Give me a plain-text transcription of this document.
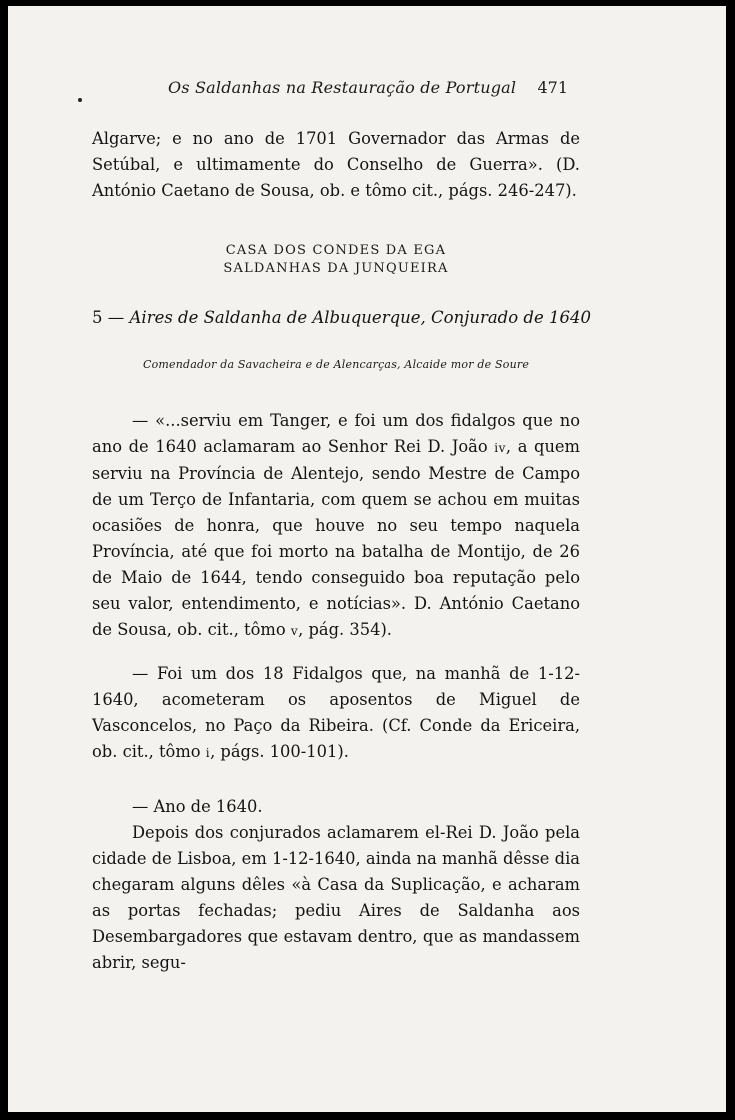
Os Saldanhas na Restauração de Portugal 471

Algarve; e no ano de 1701 Governador das Armas de Setúbal, e ultimamente do Conselho de Guerra». (D. António Caetano de Sousa, ob. e tômo cit., págs. 246-247).

CASA DOS CONDES DA EGA
SALDANHAS DA JUNQUEIRA
5 — Aires de Saldanha de Albuquerque, Conjurado de 1640
Comendador da Savacheira e de Alencarças, Alcaide mor de Soure

— «...serviu em Tanger, e foi um dos fidalgos que no ano de 1640 aclamaram ao Senhor Rei D. João iv, a quem serviu na Província de Alentejo, sendo Mestre de Campo de um Terço de Infantaria, com quem se achou em muitas ocasiões de honra, que houve no seu tempo naquela Província, até que foi morto na batalha de Montijo, de 26 de Maio de 1644, tendo conseguido boa reputação pelo seu valor, entendimento, e notícias». D. António Caetano de Sousa, ob. cit., tômo v, pág. 354).

— Foi um dos 18 Fidalgos que, na manhã de 1-12-1640, acometeram os aposentos de Miguel de Vasconcelos, no Paço da Ribeira. (Cf. Conde da Ericeira, ob. cit., tômo i, págs. 100-101).

— Ano de 1640.

Depois dos conjurados aclamarem el-Rei D. João pela cidade de Lisboa, em 1-12-1640, ainda na manhã dêsse dia chegaram alguns dêles «à Casa da Suplicação, e acharam as portas fechadas; pediu Aires de Saldanha aos Desembargadores que estavam dentro, que as mandassem abrir, segu-
